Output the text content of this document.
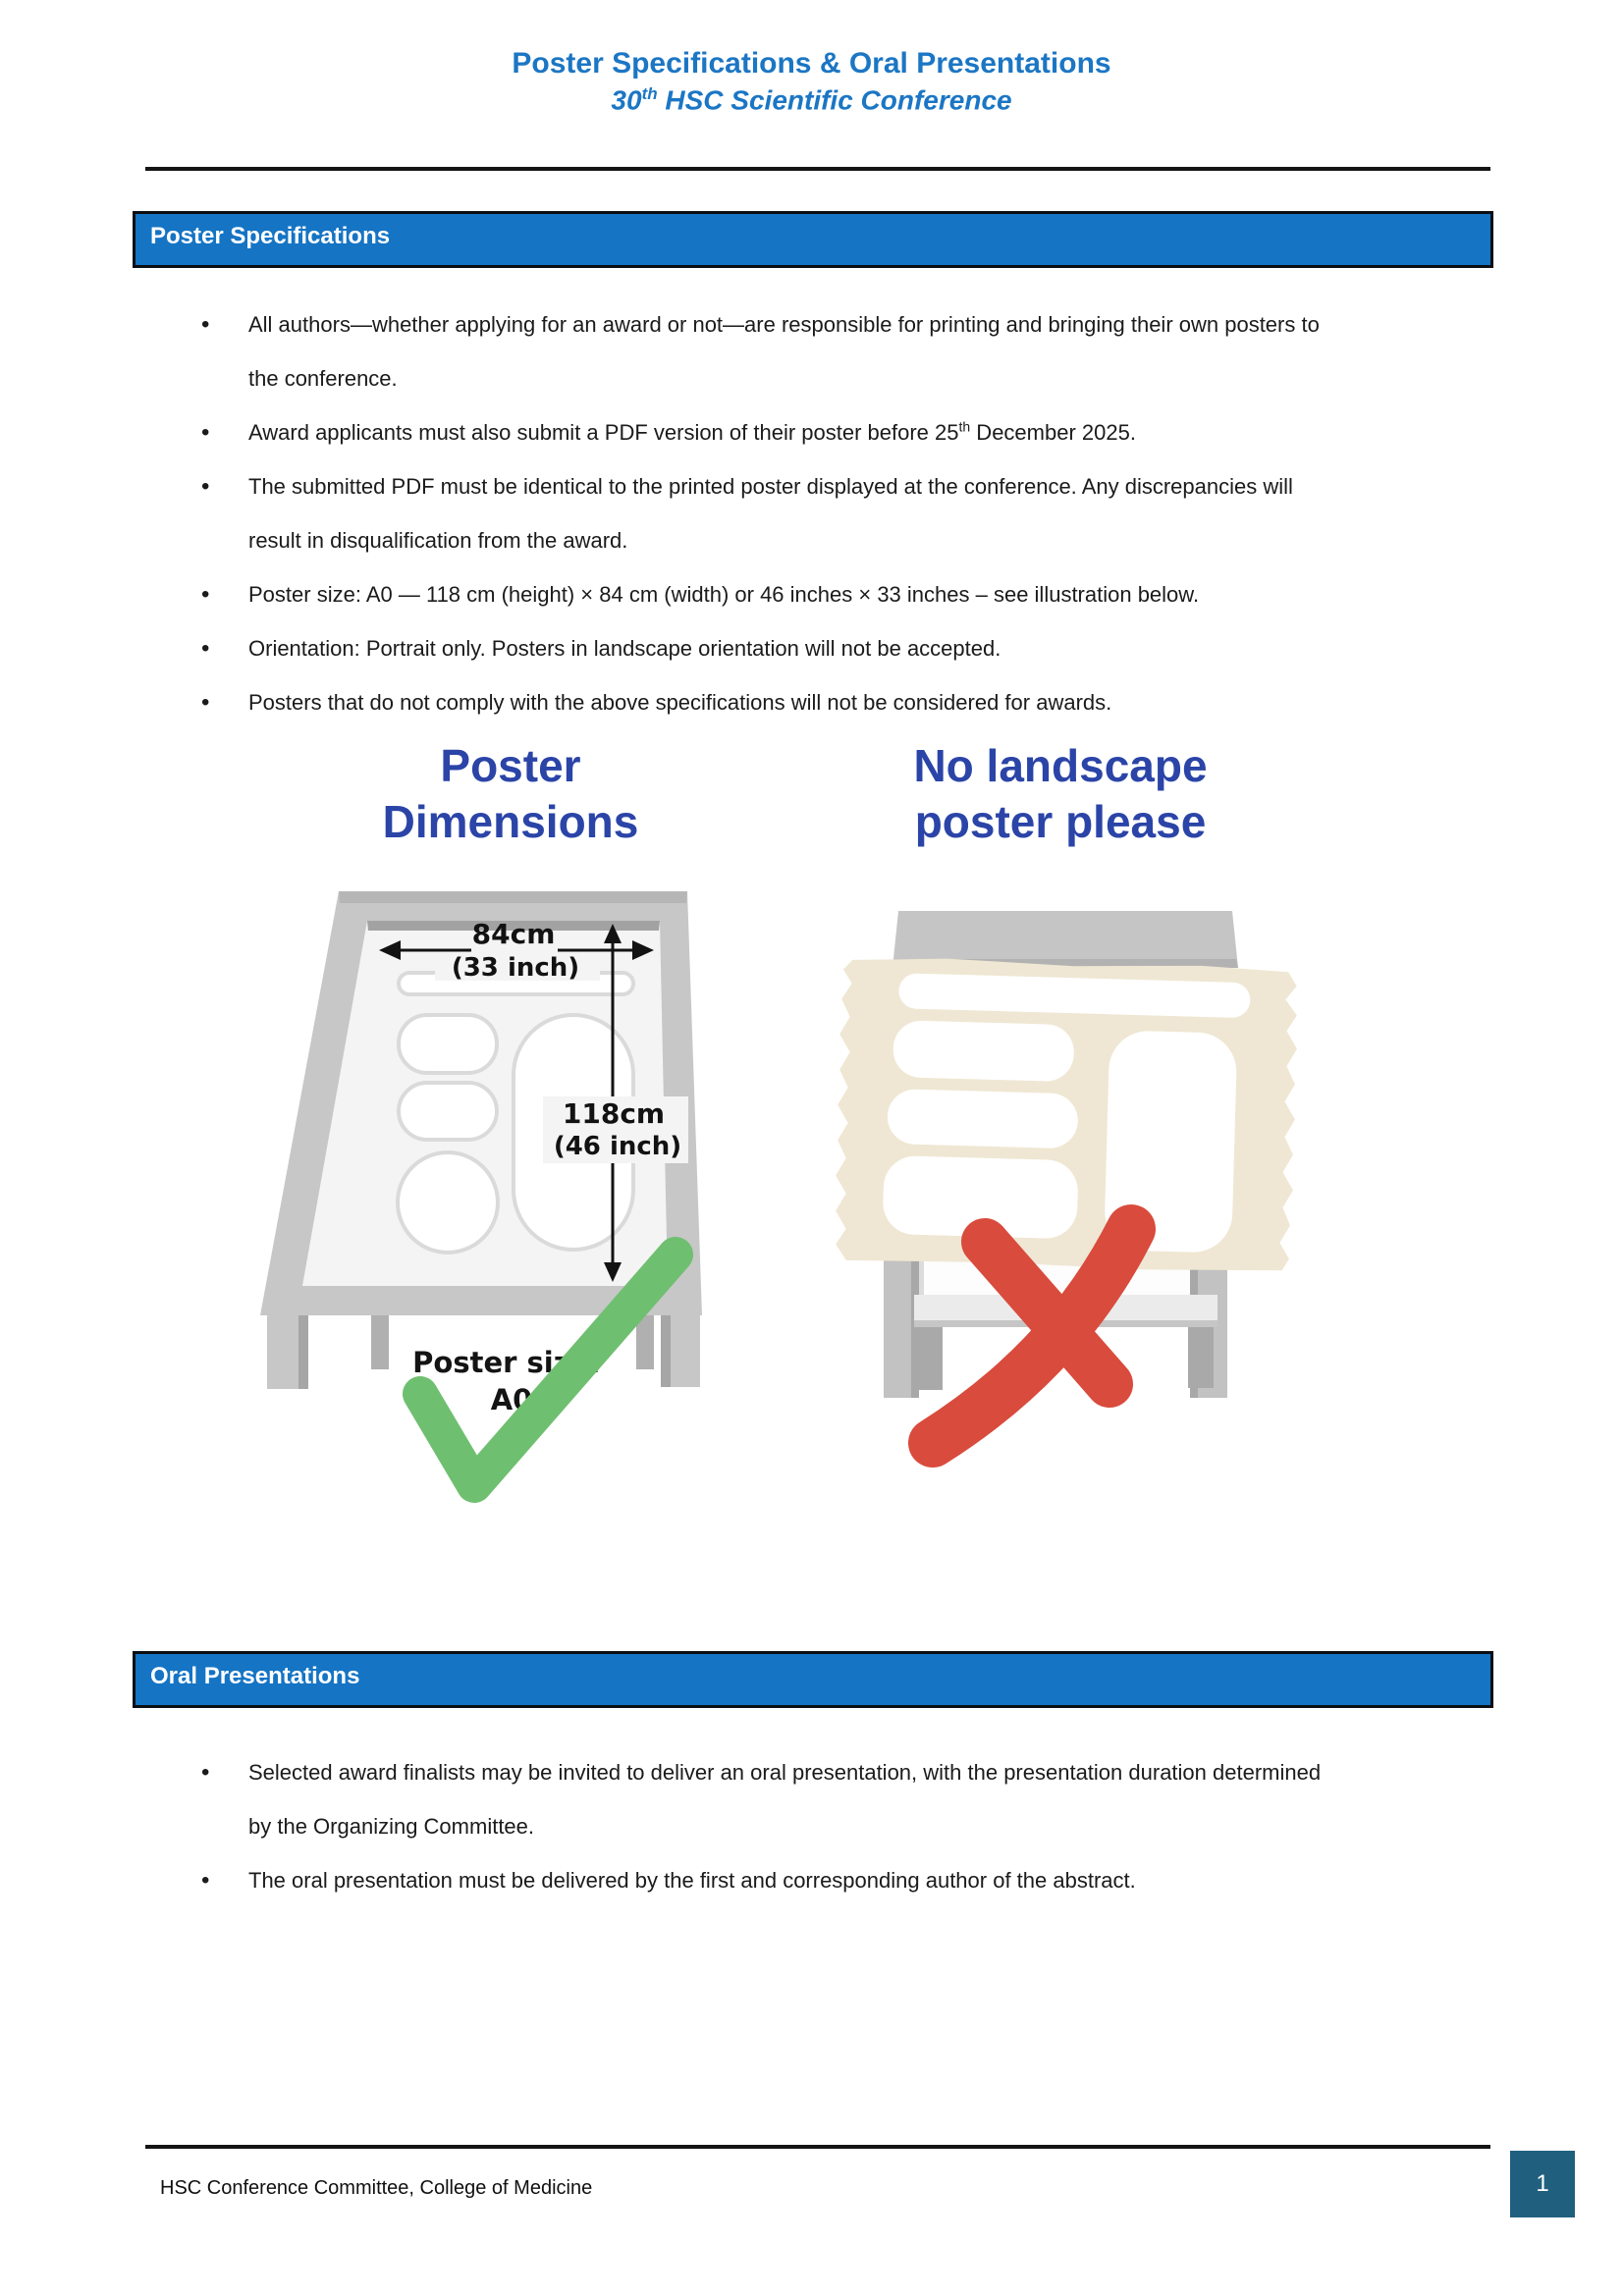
Poster Specifications & Oral Presentations
30th HSC Scientific Conference
Poster Specifications
• All authors—whether applying for an award or not—are responsible for printing and bringing their own posters to the conference.
• Award applicants must also submit a PDF version of their poster before 25th December 2025.
• The submitted PDF must be identical to the printed poster displayed at the conference. Any discrepancies will result in disqualification from the award.
• Poster size: A0 — 118 cm (height) × 84 cm (width) or 46 inches × 33 inches – see illustration below.
• Orientation: Portrait only. Posters in landscape orientation will not be accepted.
• Posters that do not comply with the above specifications will not be considered for awards.
Poster
Dimensions
No landscape
poster please
84cm
(33 inch)
118cm
(46 inch)
Poster size:
A0
Oral Presentations
• Selected award finalists may be invited to deliver an oral presentation, with the presentation duration determined by the Organizing Committee.
• The oral presentation must be delivered by the first and corresponding author of the abstract.
HSC Conference Committee, College of Medicine	1
